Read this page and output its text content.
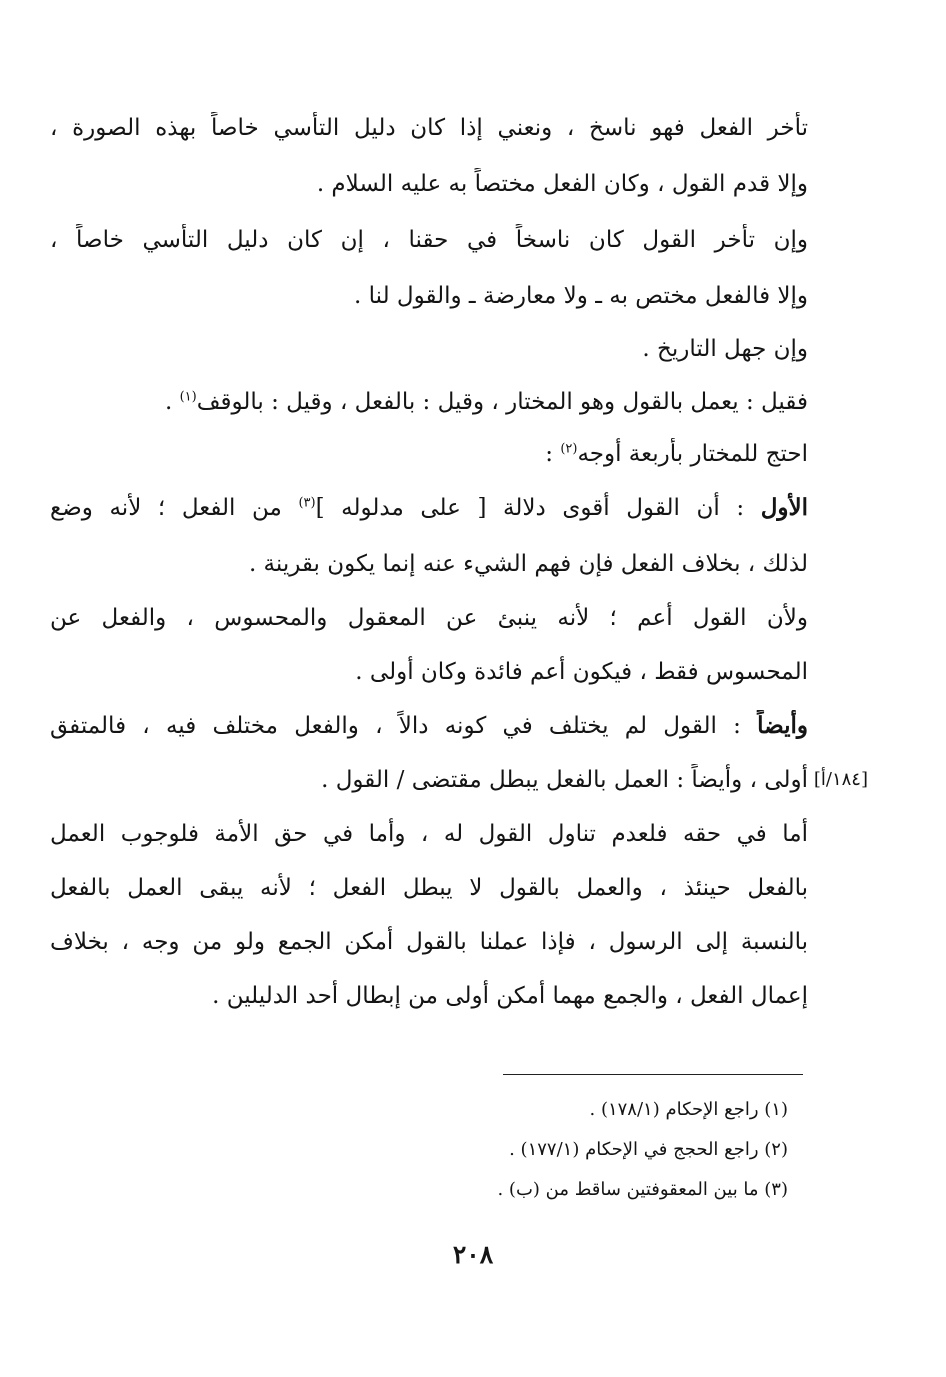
تأخر الفعل فهو ناسخ ، ونعني إذا كان دليل التأسي خاصاً بهذه الصورة ،
وإلا قدم القول ، وكان الفعل مختصاً به عليه السلام .
وإن تأخر القول كان ناسخاً في حقنا ، إن كان دليل التأسي خاصاً ،
وإلا فالفعل مختص به ـ ولا معارضة ـ والقول لنا .
وإن جهل التاريخ .
فقيل : يعمل بالقول وهو المختار ، وقيل : بالفعل ، وقيل : بالوقف$^{(١)}$ .
احتج للمختار بأربعة أوجه$^{(٢)}$ :
الأول : أن القول أقوى دلالة [ على مدلوله ]$^{(٣)}$ من الفعل ؛ لأنه وضع
لذلك ، بخلاف الفعل فإن فهم الشيء عنه إنما يكون بقرينة .
ولأن القول أعم ؛ لأنه ينبئ عن المعقول والمحسوس ، والفعل عن
المحسوس فقط ، فيكون أعم فائدة وكان أولى .
وأيضاً : القول لم يختلف في كونه دالاً ، والفعل مختلف فيه ، فالمتفق
أولى ، وأيضاً : العمل بالفعل يبطل مقتضى / القول . [١٨٤/أ]
أما في حقه فلعدم تناول القول له ، وأما في حق الأمة فلوجوب العمل
بالفعل حينئذ ، والعمل بالقول لا يبطل الفعل ؛ لأنه يبقى العمل بالفعل
بالنسبة إلى الرسول ، فإذا عملنا بالقول أمكن الجمع ولو من وجه ، بخلاف
إعمال الفعل ، والجمع مهما أمكن أولى من إبطال أحد الدليلين .
(١) راجع الإحكام (١٧٨/١) .
(٢) راجع الحجج في الإحكام (١٧٧/١) .
(٣) ما بين المعقوفتين ساقط من (ب) .
٢٠٨
